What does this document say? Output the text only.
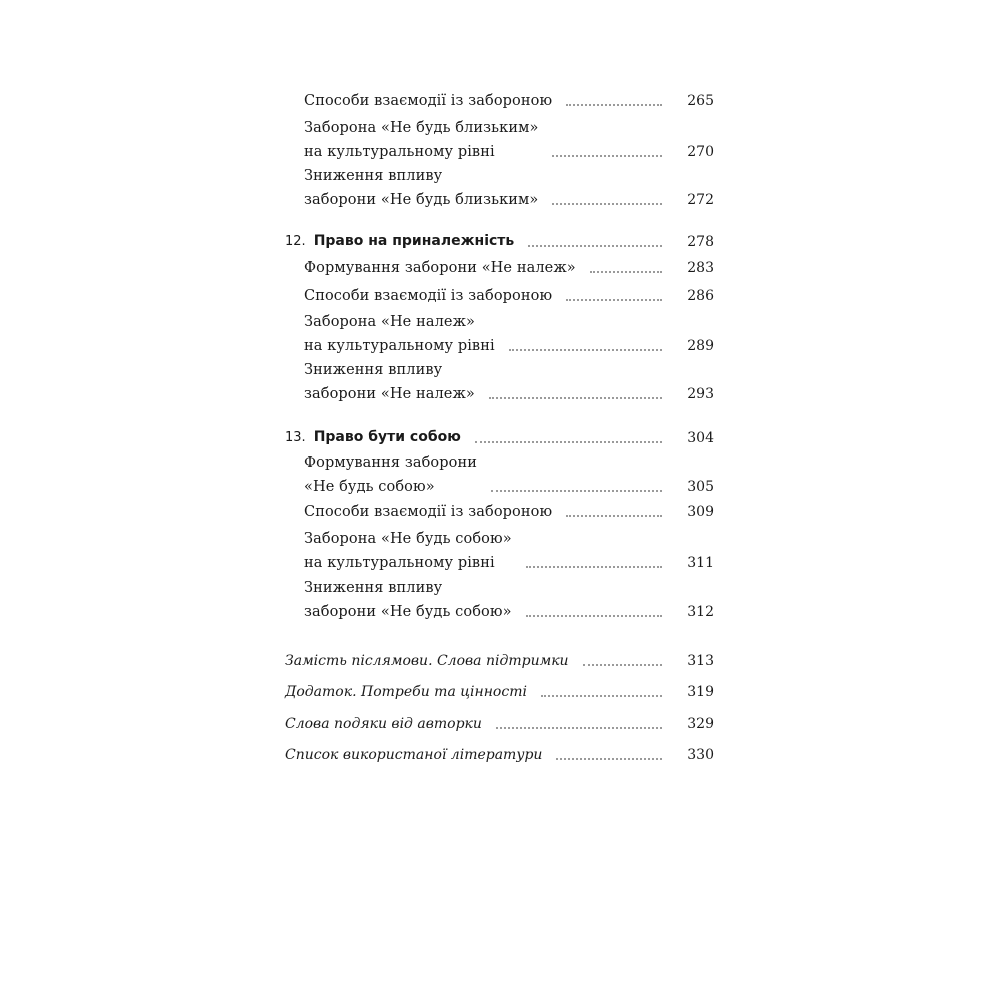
Способи взаємодії із забороною	265
Заборона «Не будь близьким»
на культуральному рівні	270
Зниження впливу
заборони «Не будь близьким»	272
12. Право на приналежність	278
Формування заборони «Не належ»	283
Способи взаємодії із забороною	286
Заборона «Не належ»
на культуральному рівні	289
Зниження впливу
заборони «Не належ»	293
13. Право бути собою	304
Формування заборони
«Не будь собою»	305
Способи взаємодії із забороною	309
Заборона «Не будь собою»
на культуральному рівні	311
Зниження впливу
заборони «Не будь собою»	312
Замість післямови. Слова підтримки	313
Додаток. Потреби та цінності	319
Слова подяки від авторки	329
Список використаної літератури	330
